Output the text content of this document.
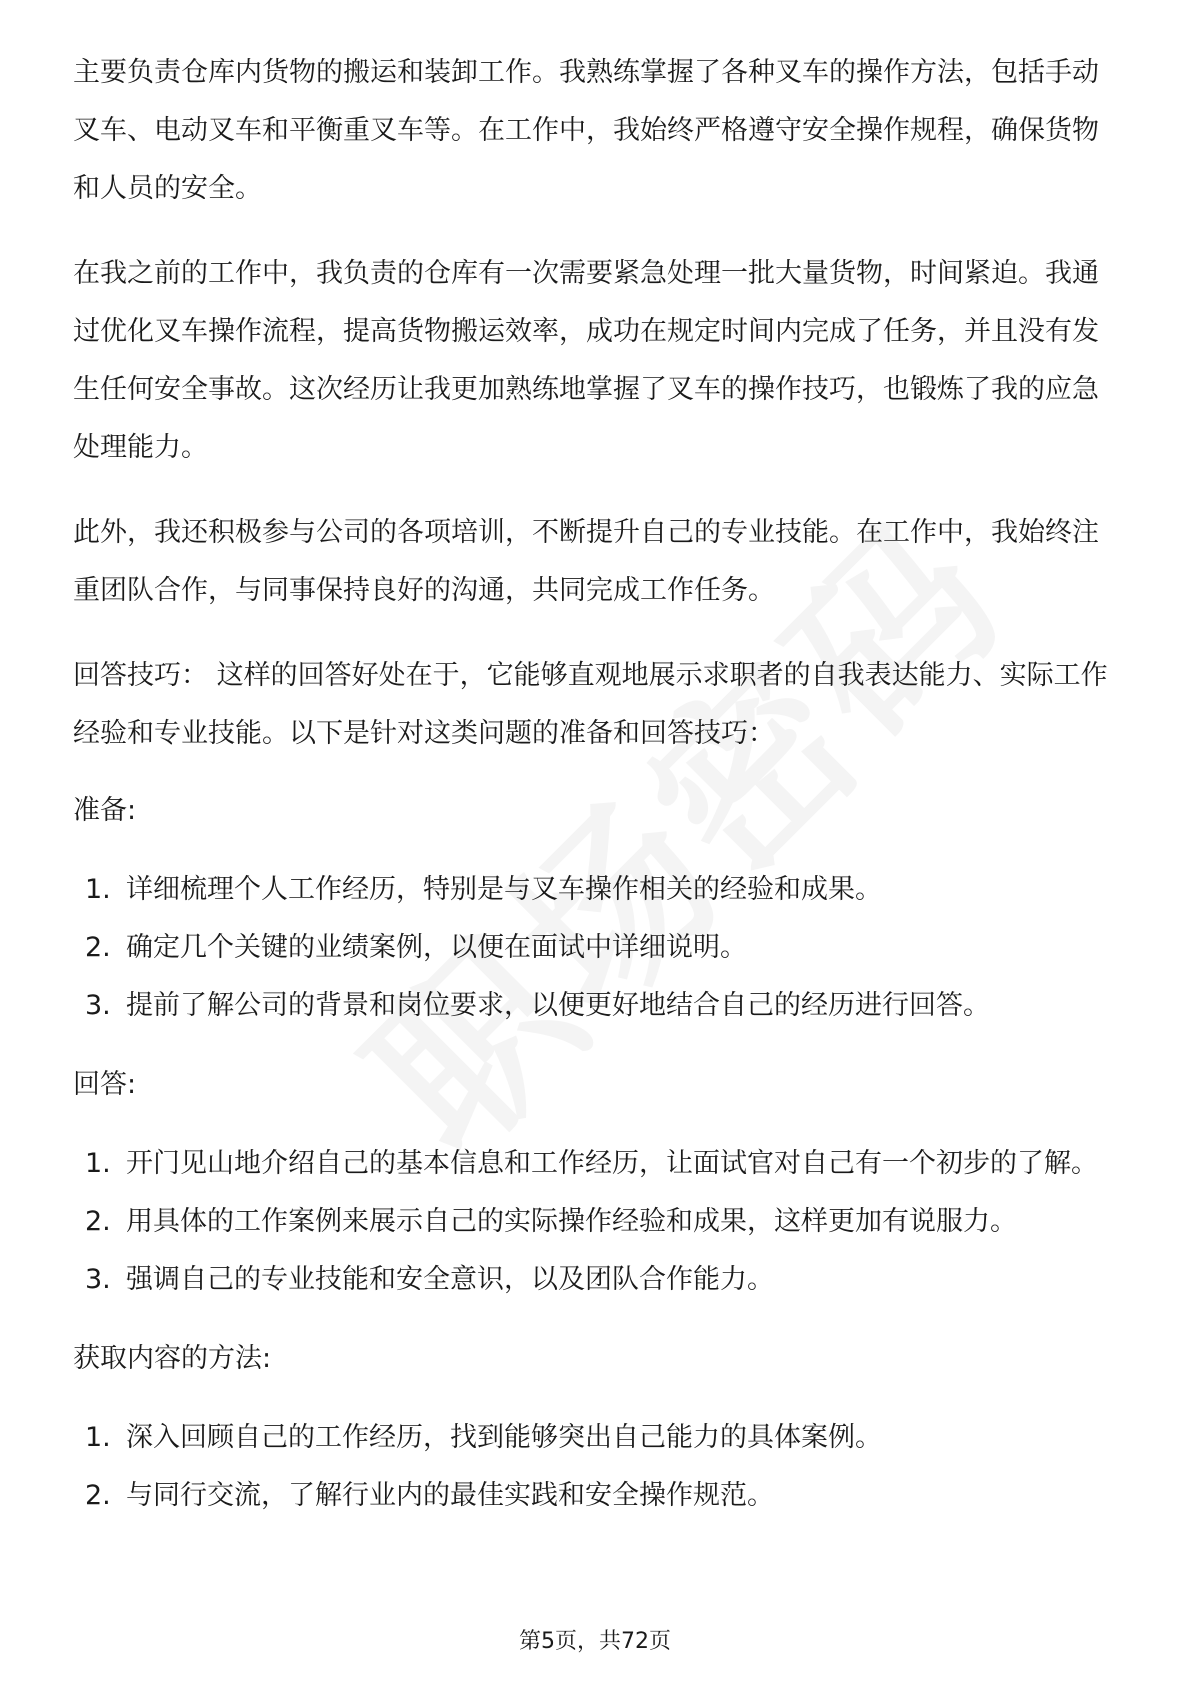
主要负责仓库内货物的搬运和装卸工作。我熟练掌握了各种叉车的操作方法，包括手动叉车、电动叉车和平衡重叉车等。在工作中，我始终严格遵守安全操作规程，确保货物和人员的安全。

在我之前的工作中，我负责的仓库有一次需要紧急处理一批大量货物，时间紧迫。我通过优化叉车操作流程，提高货物搬运效率，成功在规定时间内完成了任务，并且没有发生任何安全事故。这次经历让我更加熟练地掌握了叉车的操作技巧，也锻炼了我的应急处理能力。

此外，我还积极参与公司的各项培训，不断提升自己的专业技能。在工作中，我始终注重团队合作，与同事保持良好的沟通，共同完成工作任务。

回答技巧： 这样的回答好处在于，它能够直观地展示求职者的自我表达能力、实际工作经验和专业技能。以下是针对这类问题的准备和回答技巧：

准备:
1. 详细梳理个人工作经历，特别是与叉车操作相关的经验和成果。
2. 确定几个关键的业绩案例，以便在面试中详细说明。
3. 提前了解公司的背景和岗位要求，以便更好地结合自己的经历进行回答。
回答:
1. 开门见山地介绍自己的基本信息和工作经历，让面试官对自己有一个初步的了解。
2. 用具体的工作案例来展示自己的实际操作经验和成果，这样更加有说服力。
3. 强调自己的专业技能和安全意识，以及团队合作能力。
获取内容的方法:
1. 深入回顾自己的工作经历，找到能够突出自己能力的具体案例。
2. 与同行交流，了解行业内的最佳实践和安全操作规范。
第5页，共72页
